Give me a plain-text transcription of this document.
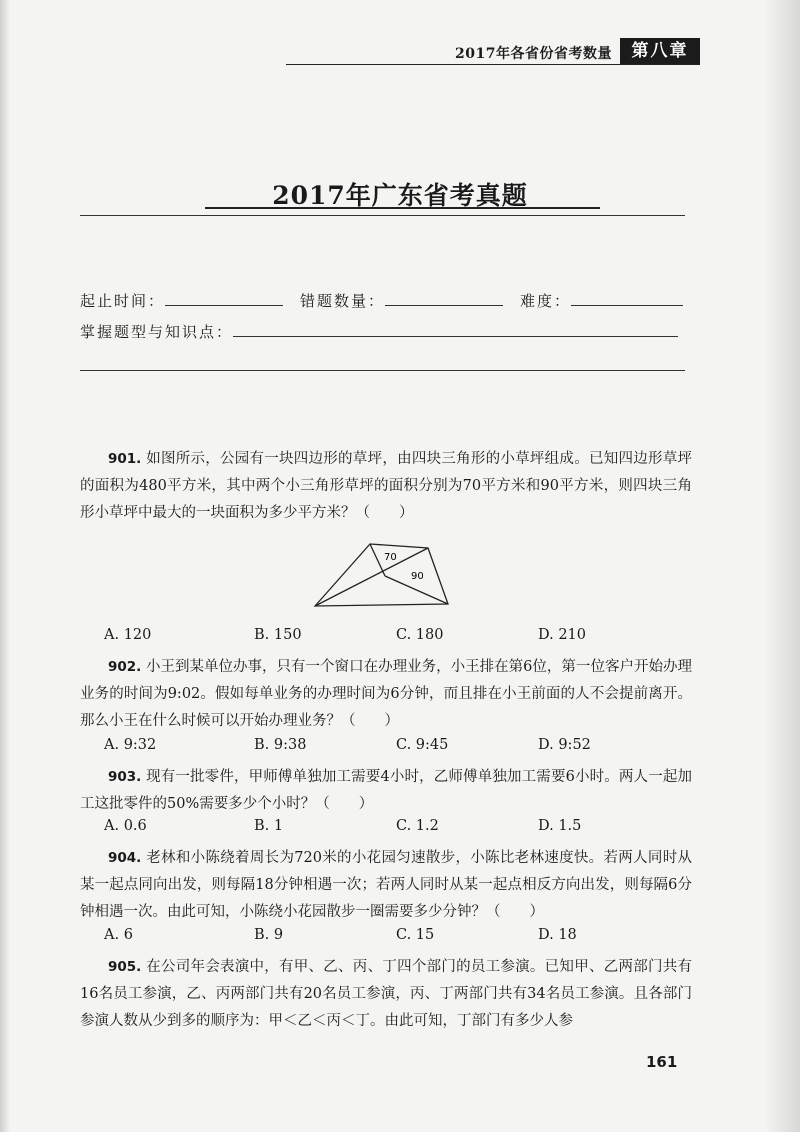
2017年各省份省考数量	第八章
2017年广东省考真题
起止时间：	错题数量：	难度：
掌握题型与知识点：
901. 如图所示，公园有一块四边形的草坪，由四块三角形的小草坪组成。已知四边形草坪的面积为480平方米，其中两个小三角形草坪的面积分别为70平方米和90平方米，则四块三角形小草坪中最大的一块面积为多少平方米？（　　）
70
90
A. 120	B. 150	C. 180	D. 210
902. 小王到某单位办事，只有一个窗口在办理业务，小王排在第6位，第一位客户开始办理业务的时间为9:02。假如每单业务的办理时间为6分钟，而且排在小王前面的人不会提前离开。那么小王在什么时候可以开始办理业务？（　　）
A. 9:32	B. 9:38	C. 9:45	D. 9:52
903. 现有一批零件，甲师傅单独加工需要4小时，乙师傅单独加工需要6小时。两人一起加工这批零件的50%需要多少个小时？（　　）
A. 0.6	B. 1	C. 1.2	D. 1.5
904. 老林和小陈绕着周长为720米的小花园匀速散步，小陈比老林速度快。若两人同时从某一起点同向出发，则每隔18分钟相遇一次；若两人同时从某一起点相反方向出发，则每隔6分钟相遇一次。由此可知，小陈绕小花园散步一圈需要多少分钟？（　　）
A. 6	B. 9	C. 15	D. 18
905. 在公司年会表演中，有甲、乙、丙、丁四个部门的员工参演。已知甲、乙两部门共有16名员工参演，乙、丙两部门共有20名员工参演，丙、丁两部门共有34名员工参演。且各部门参演人数从少到多的顺序为：甲＜乙＜丙＜丁。由此可知，丁部门有多少人参
161
